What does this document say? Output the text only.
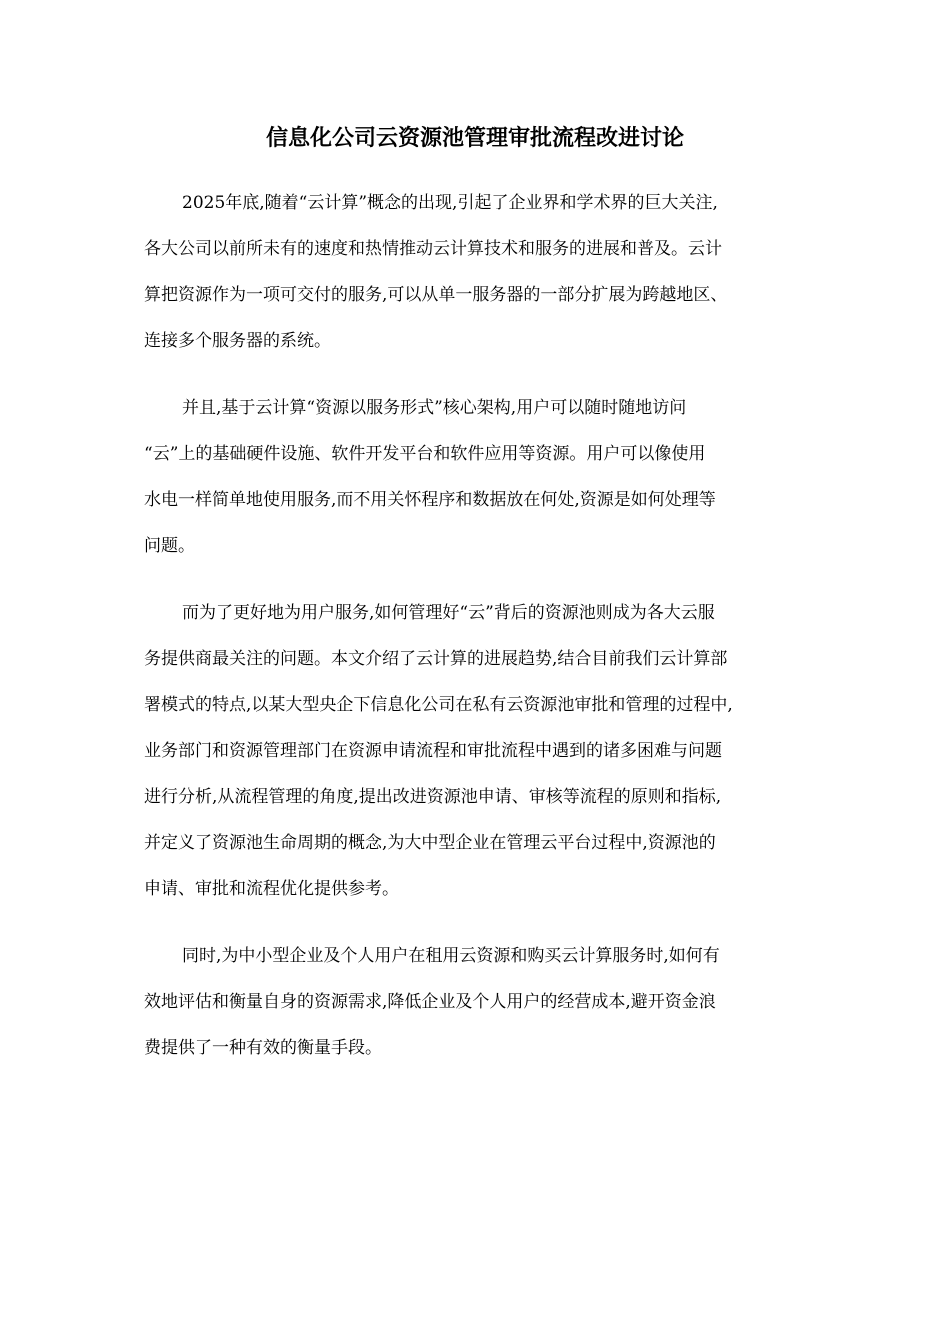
信息化公司云资源池管理审批流程改进讨论
2025年底,随着“云计算”概念的出现,引起了企业界和学术界的巨大关注,
各大公司以前所未有的速度和热情推动云计算技术和服务的进展和普及。云计
算把资源作为一项可交付的服务,可以从单一服务器的一部分扩展为跨越地区、
连接多个服务器的系统。
并且,基于云计算“资源以服务形式”核心架构,用户可以随时随地访问
“云”上的基础硬件设施、软件开发平台和软件应用等资源。用户可以像使用
水电一样简单地使用服务,而不用关怀程序和数据放在何处,资源是如何处理等
问题。
而为了更好地为用户服务,如何管理好“云”背后的资源池则成为各大云服
务提供商最关注的问题。本文介绍了云计算的进展趋势,结合目前我们云计算部
署模式的特点,以某大型央企下信息化公司在私有云资源池审批和管理的过程中,
业务部门和资源管理部门在资源申请流程和审批流程中遇到的诸多困难与问题
进行分析,从流程管理的角度,提出改进资源池申请、审核等流程的原则和指标,
并定义了资源池生命周期的概念,为大中型企业在管理云平台过程中,资源池的
申请、审批和流程优化提供参考。
同时,为中小型企业及个人用户在租用云资源和购买云计算服务时,如何有
效地评估和衡量自身的资源需求,降低企业及个人用户的经营成本,避开资金浪
费提供了一种有效的衡量手段。
